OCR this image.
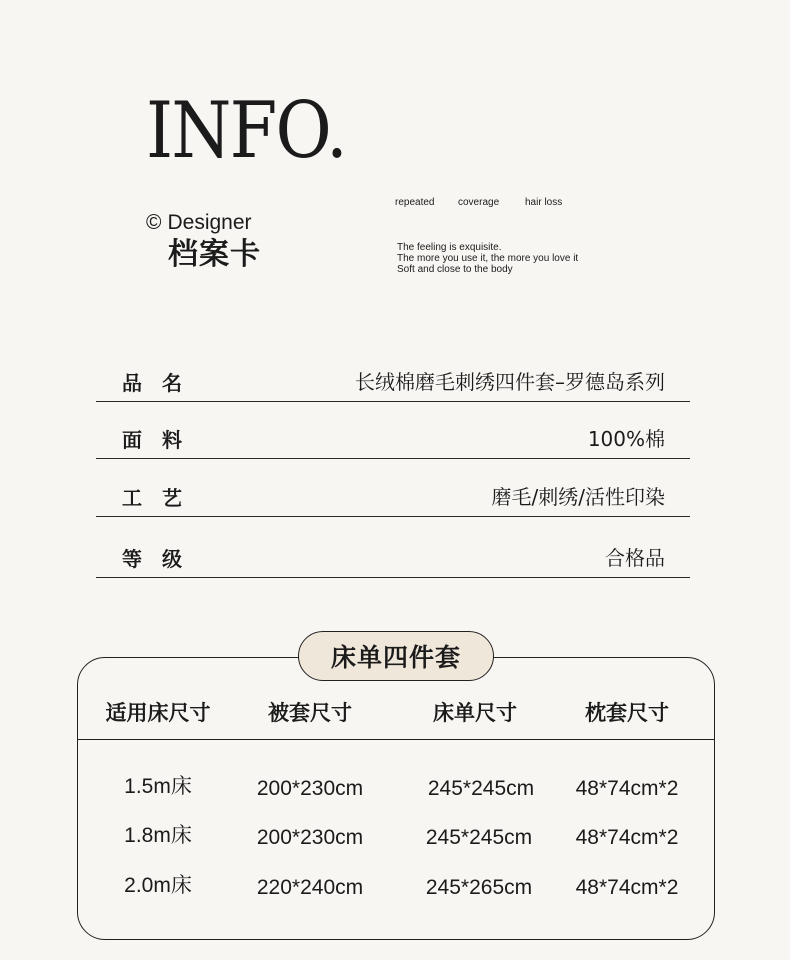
INFO.
© Designer
档案卡
repeated coverage	hair loss
The feeling is exquisite.
The more you use it, the more you love it
Soft and close to the body
品名	长绒棉磨毛刺绣四件套–罗德岛系列
面料	100%棉
工艺	磨毛/刺绣/活性印染
等级	合格品
床单四件套
适用床尺寸	被套尺寸	床单尺寸	枕套尺寸
1.5m床	200*230cm	245*245cm 48*74cm*2
1.8m床	200*230cm	245*245cm 48*74cm*2
2.0m床	220*240cm	245*265cm 48*74cm*2
